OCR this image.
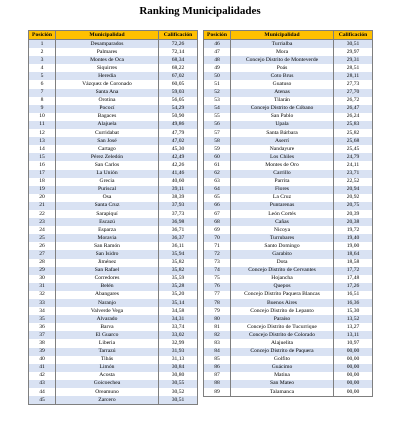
Ranking Municipalidades
Posición	Municipalidad	Calificación
1	Desamparados	72,26
2	Palmares	72,14
3	Montes de Oca	68,34
4	Siquirres	68,22
5	Heredia	67,02
6	Vázquez de Coronado	60,05
7	Santa Ana	59,03
8	Orotina	56,05
9	Pococí	54,29
10	Bagaces	50,90
11	Alajuela	49,86
12	Curridabat	47,79
13	San José	47,02
14	Cartago	45,30
15	Pérez Zeledón	42,49
16	San Carlos	42,26
17	La Unión	41,46
18	Grecia	40,60
19	Puriscal	39,11
20	Osa	38,39
21	Santa Cruz	37,93
22	Sarapiquí	37,73
23	Escazú	36,98
24	Esparza	36,71
25	Moravia	36,37
26	San Ramón	36,11
27	San Isidro	35,94
28	Jiménez	35,82
29	San Rafael	35,82
30	Corredores	35,59
31	Belén	35,28
32	Abangares	35,20
33	Naranjo	35,14
34	Valverde Vega	34,58
35	Alvarado	34,31
36	Barva	33,74
37	El Guarco	33,02
38	Liberia	32,99
39	Tarrazú	31,93
40	Tibás	31,13
41	Limón	30,84
42	Acosta	30,80
43	Goicoechea	30,55
44	Oreamuno	30,52
45	Zarcero	30,51
Posición	Municipalidad	Calificación
46	Turrialba	30,51
47	Mora	29,97
48	Concejo Distrito de Monteverde	29,31
49	Poás	28,51
50	Coto Brus	28,11
51	Guatuso	27,73
52	Atenas	27,70
53	Tilarán	26,72
54	Concejo Distrito de Cóbano	26,47
55	San Pablo	26,24
56	Upala	25,83
57	Santa Bárbara	25,82
58	Aserrí	25,68
59	Nandayure	25,45
60	Los Chiles	24,79
61	Montes de Oro	24,11
62	Carrillo	23,71
63	Parrita	22,52
64	Flores	20,94
65	La Cruz	20,92
66	Puntarenas	20,75
67	León Cortés	20,39
68	Cañas	20,38
69	Nicoya	19,72
70	Turrubares	19,40
71	Santo Domingo	19,00
72	Garabito	18,64
73	Dota	18,58
74	Concejo Distrito de Cervantes	17,72
75	Hojancha	17,48
76	Quepos	17,26
77	Concejo Distrito Paquera Blancas	16,51
78	Buenos Aires	16,36
79	Concejo Distrito de Lepanto	15,30
80	Paraíso	13,52
81	Concejo Distrito de Tucurrique	13,27
82	Concejo Distrito de Colorado	13,11
83	Alajuelita	10,97
84	Concejo Distrito de Paquera	00,00
85	Golfito	00,00
86	Guácimo	00,00
87	Matina	00,00
88	San Mateo	00,00
89	Talamanca	00,00
